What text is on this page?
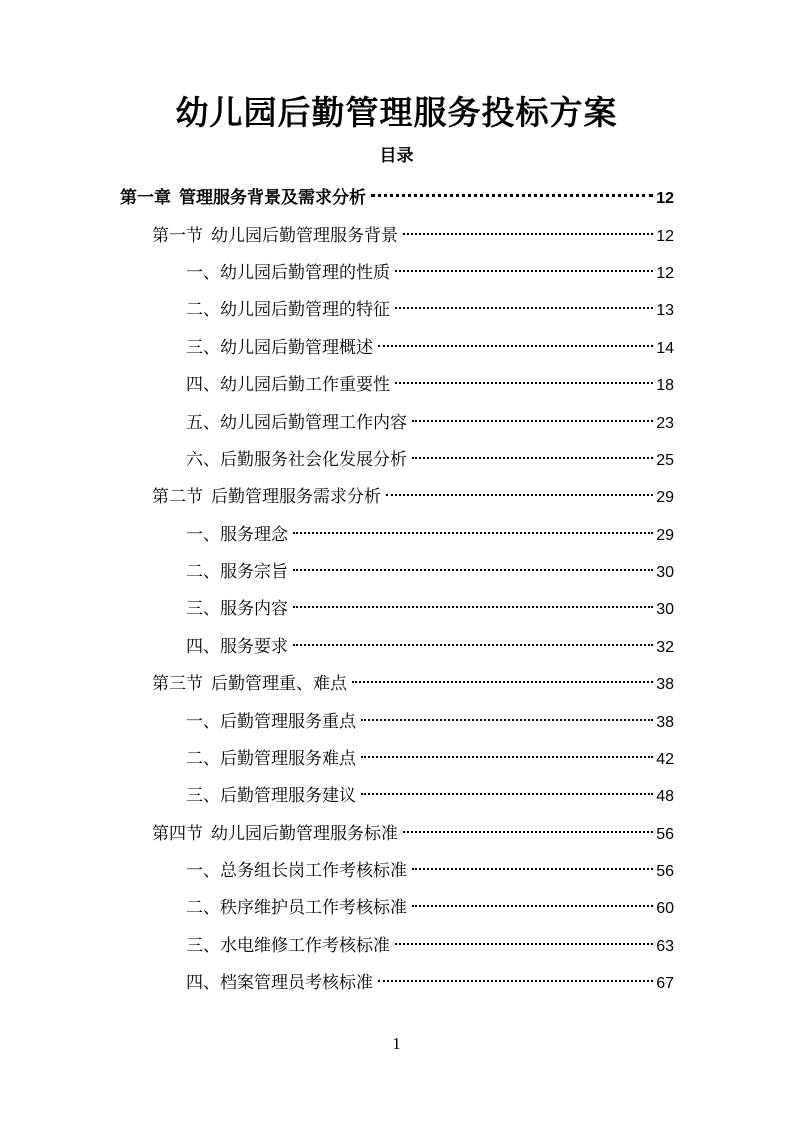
幼儿园后勤管理服务投标方案
目录
第一章 管理服务背景及需求分析	12
第一节 幼儿园后勤管理服务背景	12
一、 幼儿园后勤管理的性质	12
二、 幼儿园后勤管理的特征	13
三、 幼儿园后勤管理概述	14
四、 幼儿园后勤工作重要性	18
五、 幼儿园后勤管理工作内容	23
六、 后勤服务社会化发展分析	25
第二节 后勤管理服务需求分析	29
一、 服务理念	29
二、 服务宗旨	30
三、 服务内容	30
四、 服务要求	32
第三节 后勤管理重、难点	38
一、 后勤管理服务重点	38
二、 后勤管理服务难点	42
三、 后勤管理服务建议	48
第四节 幼儿园后勤管理服务标准	56
一、 总务组长岗工作考核标准	56
二、 秩序维护员工作考核标准	60
三、 水电维修工作考核标准	63
四、 档案管理员考核标准	67
1
